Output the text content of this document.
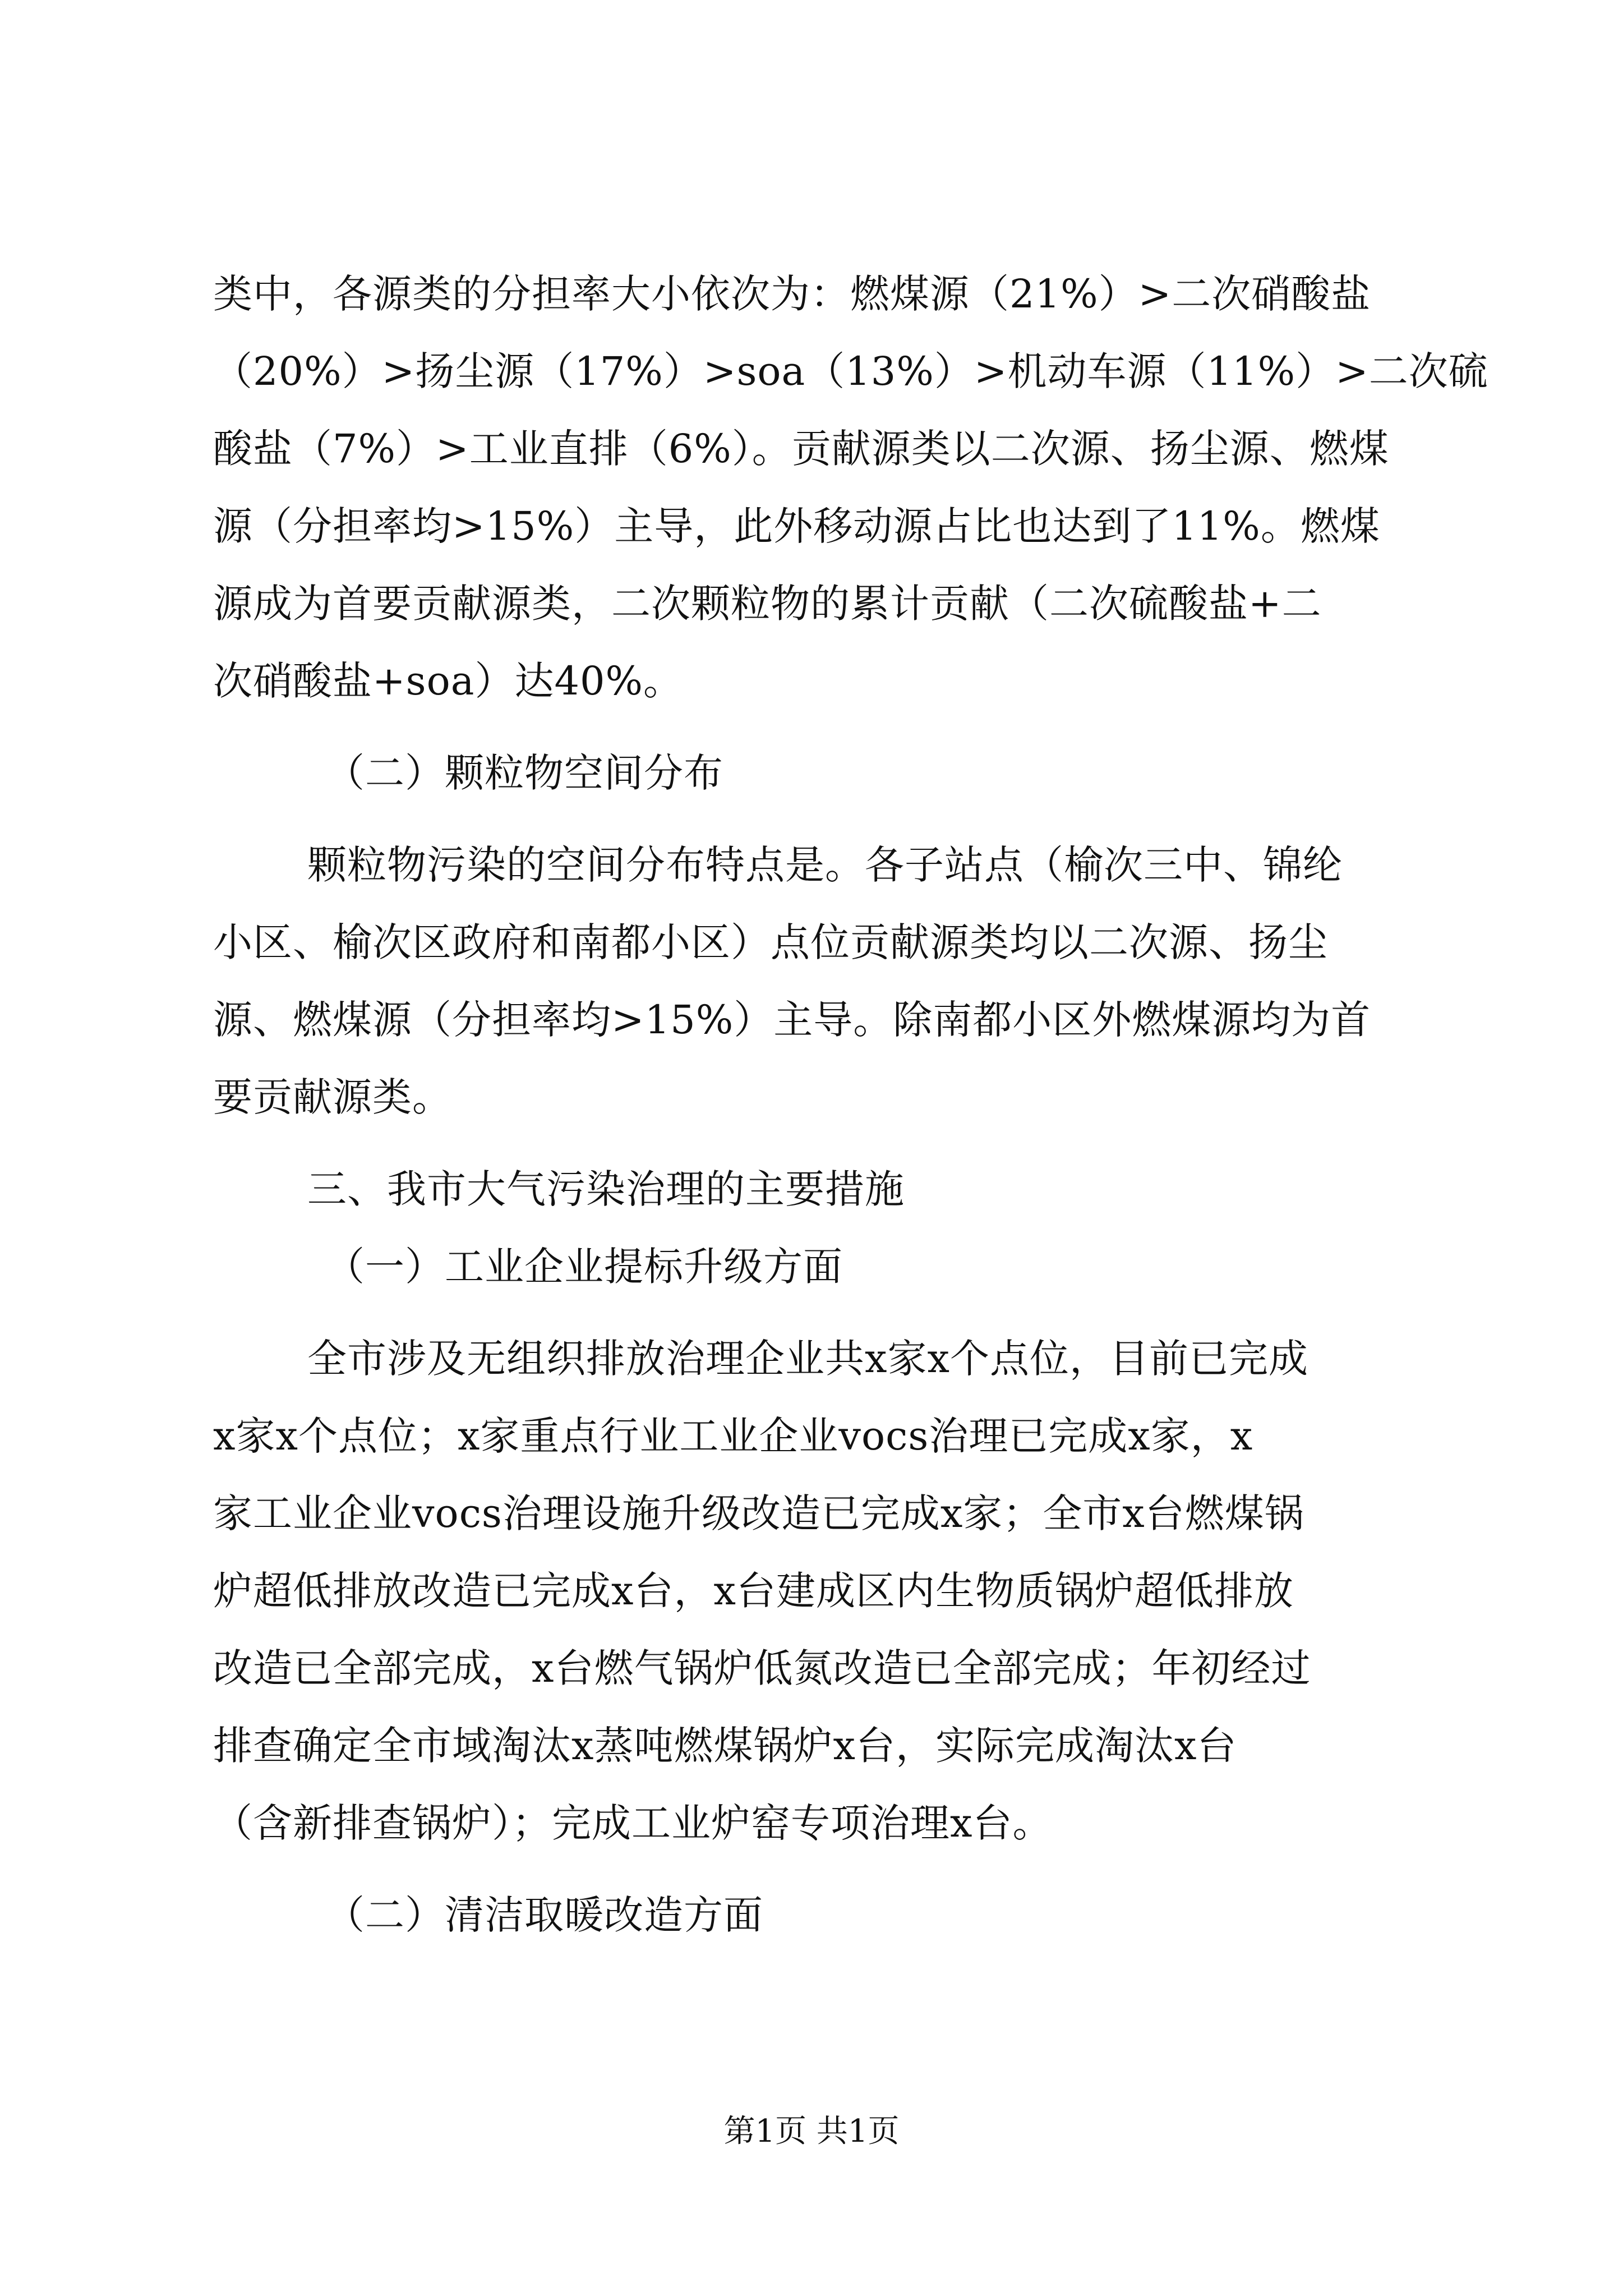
类中，各源类的分担率大小依次为：燃煤源（21%）>二次硝酸盐
（20%）>扬尘源（17%）>soa（13%）>机动车源（11%）>二次硫
酸盐（7%）>工业直排（6%）。贡献源类以二次源、扬尘源、燃煤
源（分担率均>15%）主导，此外移动源占比也达到了11%。燃煤
源成为首要贡献源类，二次颗粒物的累计贡献（二次硫酸盐+二
次硝酸盐+soa）达40%。
（二）颗粒物空间分布
颗粒物污染的空间分布特点是。各子站点（榆次三中、锦纶
小区、榆次区政府和南都小区）点位贡献源类均以二次源、扬尘
源、燃煤源（分担率均>15%）主导。除南都小区外燃煤源均为首
要贡献源类。
三、我市大气污染治理的主要措施
（一）工业企业提标升级方面
全市涉及无组织排放治理企业共x家x个点位，目前已完成
x家x个点位；x家重点行业工业企业vocs治理已完成x家，x
家工业企业vocs治理设施升级改造已完成x家；全市x台燃煤锅
炉超低排放改造已完成x台，x台建成区内生物质锅炉超低排放
改造已全部完成，x台燃气锅炉低氮改造已全部完成；年初经过
排查确定全市域淘汰x蒸吨燃煤锅炉x台，实际完成淘汰x台
（含新排查锅炉）；完成工业炉窑专项治理x台。
（二）清洁取暖改造方面
第1页 共1页
